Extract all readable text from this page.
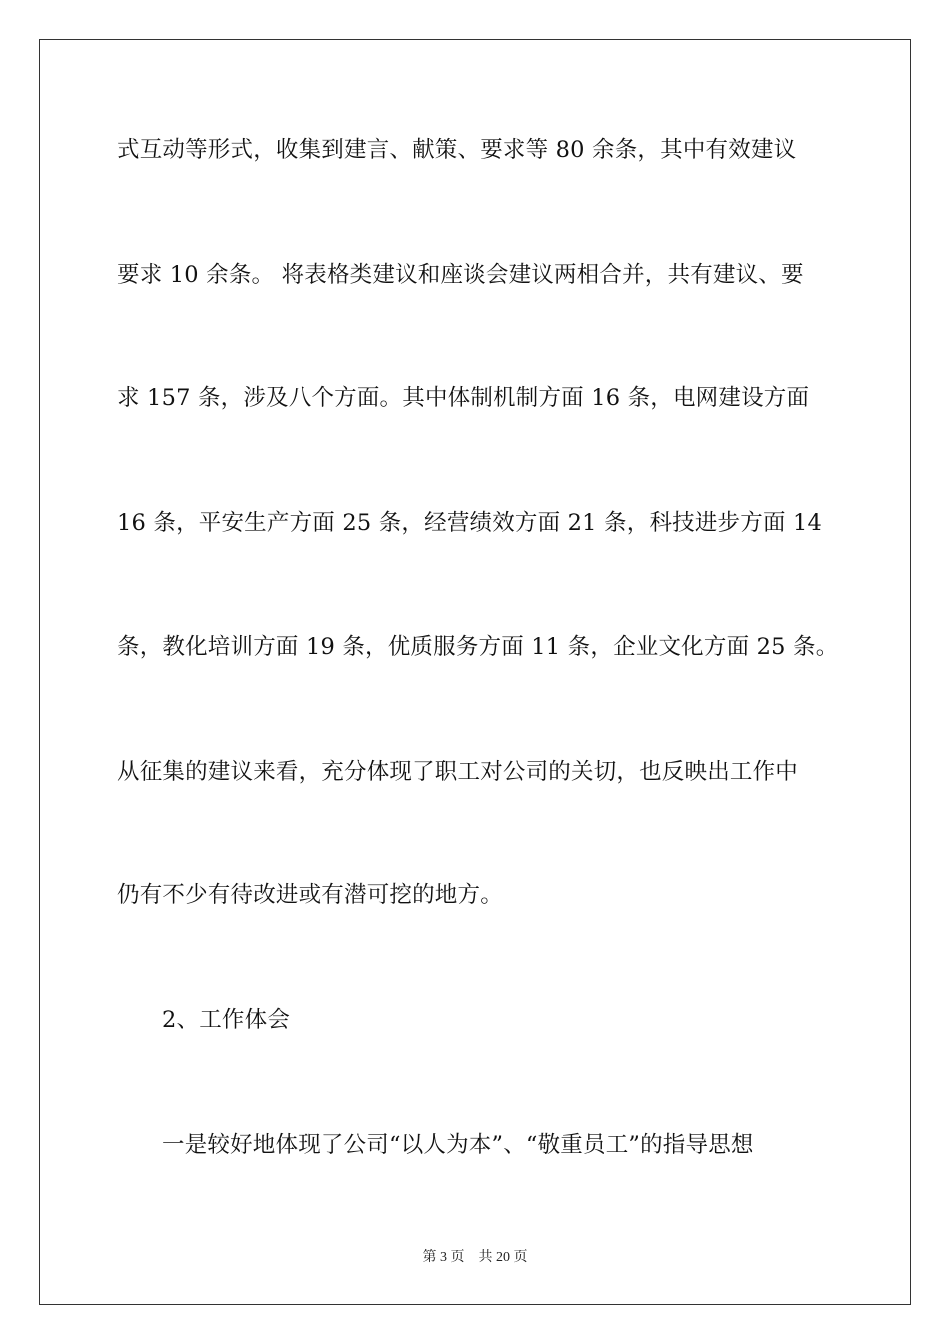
式互动等形式，收集到建言、献策、要求等 80 余条，其中有效建议

要求 10 余条。 将表格类建议和座谈会建议两相合并，共有建议、要

求 157 条，涉及八个方面。其中体制机制方面 16 条，电网建设方面

16 条，平安生产方面 25 条，经营绩效方面 21 条，科技进步方面 14

条，教化培训方面 19 条，优质服务方面 11 条，企业文化方面 25 条。

从征集的建议来看，充分体现了职工对公司的关切，也反映出工作中

仍有不少有待改进或有潜可挖的地方。

2、工作体会

一是较好地体现了公司“以人为本”、“敬重员工”的指导思想

第 3 页 共 20 页
